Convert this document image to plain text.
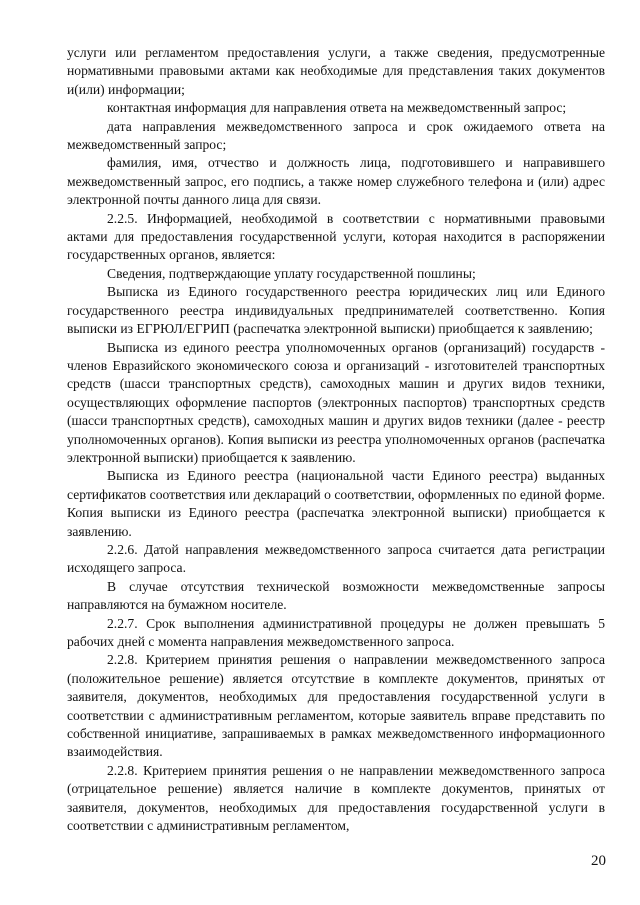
услуги или регламентом предоставления услуги, а также сведения, предусмотренные нормативными правовыми актами как необходимые для представления таких документов и(или) информации;

контактная информация для направления ответа на межведомственный запрос;

дата направления межведомственного запроса и срок ожидаемого ответа на межведомственный запрос;

фамилия, имя, отчество и должность лица, подготовившего и направившего межведомственный запрос, его подпись, а также номер служебного телефона и (или) адрес электронной почты данного лица для связи.

2.2.5. Информацией, необходимой в соответствии с нормативными правовыми актами для предоставления государственной услуги, которая находится в распоряжении государственных органов, является:

Сведения, подтверждающие уплату государственной пошлины;

Выписка из Единого государственного реестра юридических лиц или Единого государственного реестра индивидуальных предпринимателей соответственно. Копия выписки из ЕГРЮЛ/ЕГРИП (распечатка электронной выписки) приобщается к заявлению;

Выписка из единого реестра уполномоченных органов (организаций) государств - членов Евразийского экономического союза и организаций - изготовителей транспортных средств (шасси транспортных средств), самоходных машин и других видов техники, осуществляющих оформление паспортов (электронных паспортов) транспортных средств (шасси транспортных средств), самоходных машин и других видов техники (далее - реестр уполномоченных органов). Копия выписки из реестра уполномоченных органов (распечатка электронной выписки) приобщается к заявлению.

Выписка из Единого реестра (национальной части Единого реестра) выданных сертификатов соответствия или деклараций о соответствии, оформленных по единой форме. Копия выписки из Единого реестра (распечатка электронной выписки) приобщается к заявлению.

2.2.6. Датой направления межведомственного запроса считается дата регистрации исходящего запроса.

В случае отсутствия технической возможности межведомственные запросы направляются на бумажном носителе.

2.2.7. Срок выполнения административной процедуры не должен превышать 5 рабочих дней с момента направления межведомственного запроса.

2.2.8. Критерием принятия решения о направлении межведомственного запроса (положительное решение) является отсутствие в комплекте документов, принятых от заявителя, документов, необходимых для предоставления государственной услуги в соответствии с административным регламентом, которые заявитель вправе представить по собственной инициативе, запрашиваемых в рамках межведомственного информационного взаимодействия.

2.2.8. Критерием принятия решения о не направлении межведомственного запроса (отрицательное решение) является наличие в комплекте документов, принятых от заявителя, документов, необходимых для предоставления государственной услуги в соответствии с административным регламентом,

20
